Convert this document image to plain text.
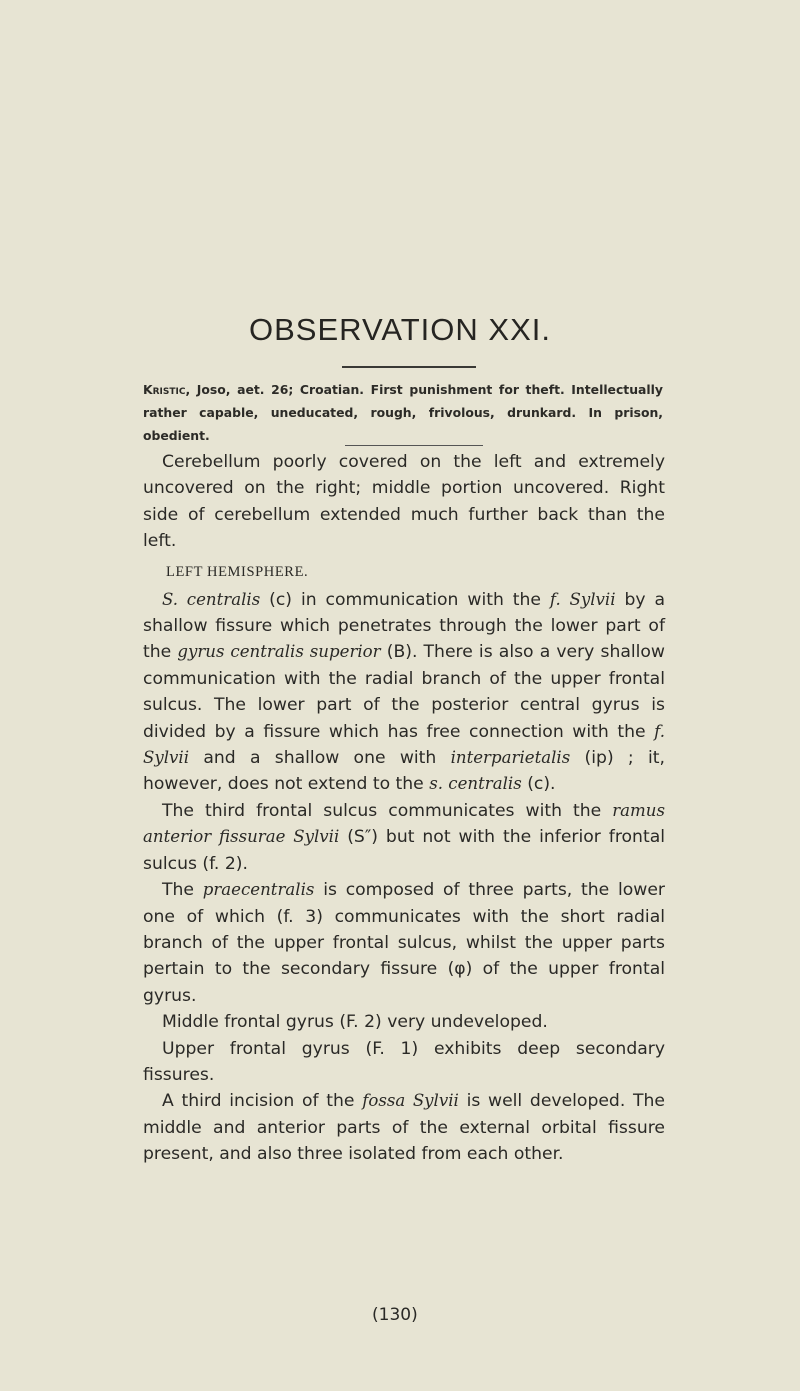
OBSERVATION XXI.
Kristic, Joso, aet. 26; Croatian. First punishment for theft. Intellectually rather capable, uneducated, rough, frivolous, drunkard. In prison, obedient.

Cerebellum poorly covered on the left and extremely uncovered on the right; middle portion uncovered. Right side of cerebellum extended much further back than the left.

LEFT HEMISPHERE.

S. centralis (c) in communication with the f. Sylvii by a shallow fissure which penetrates through the lower part of the gyrus centralis superior (B). There is also a very shallow communication with the radial branch of the upper frontal sulcus. The lower part of the posterior central gyrus is divided by a fissure which has free connection with the f. Sylvii and a shallow one with interparietalis (ip) ; it, however, does not extend to the s. centralis (c).

The third frontal sulcus communicates with the ramus anterior fissurae Sylvii (S″) but not with the inferior frontal sulcus (f. 2).

The praecentralis is composed of three parts, the lower one of which (f. 3) communicates with the short radial branch of the upper frontal sulcus, whilst the upper parts pertain to the secondary fissure (φ) of the upper frontal gyrus.

Middle frontal gyrus (F. 2) very undeveloped.

Upper frontal gyrus (F. 1) exhibits deep secondary fissures.

A third incision of the fossa Sylvii is well developed. The middle and anterior parts of the external orbital fissure present, and also three isolated from each other.

(130)
